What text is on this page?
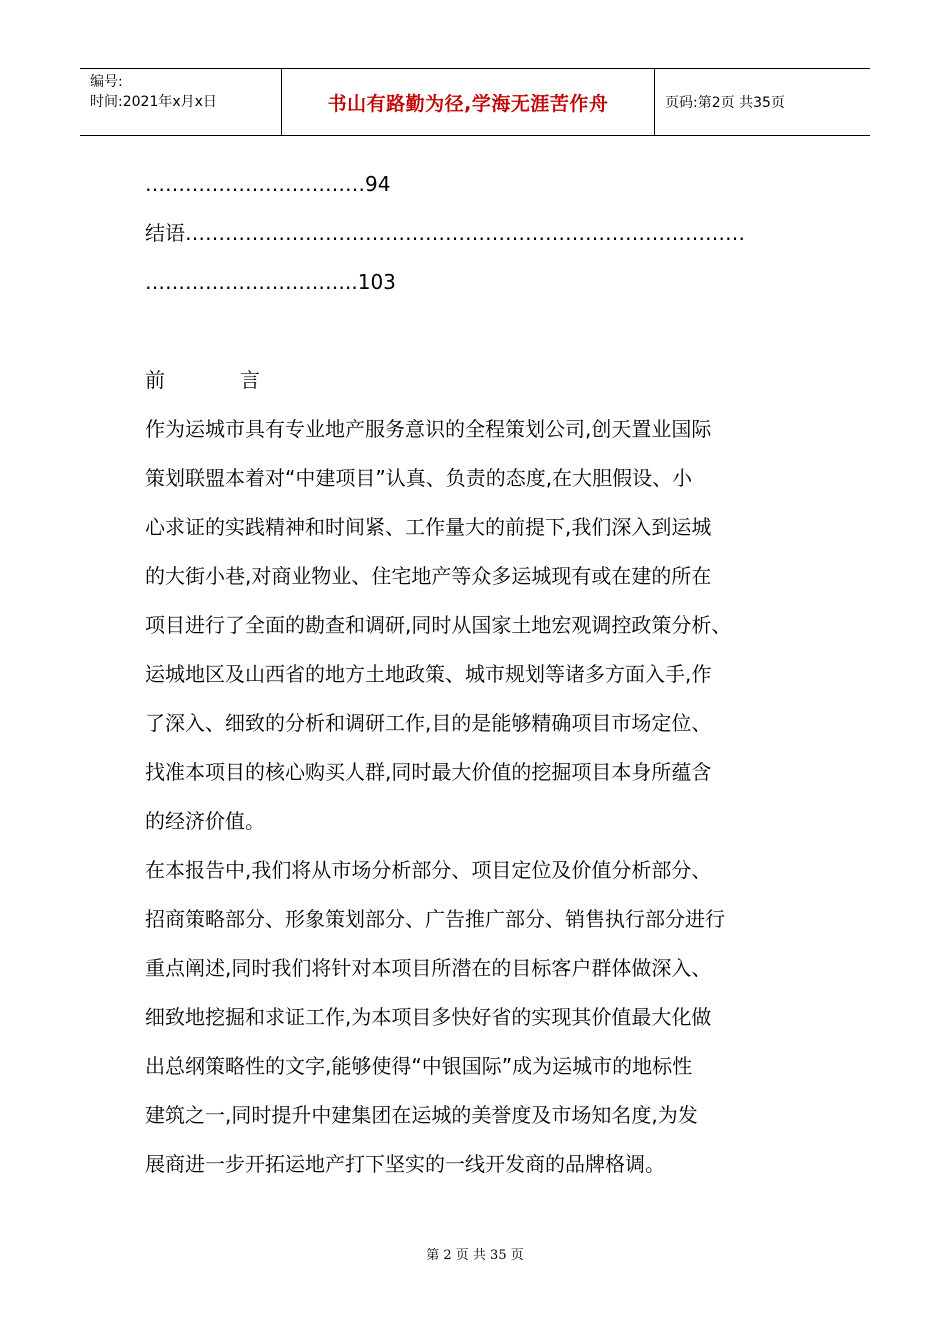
编号:
时间:2021年x月x日	书山有路勤为径,学海无涯苦作舟	页码:第2页 共35页
……………………………94
结语…………………………………………………………………………
…………………………..103
前	言
作为运城市具有专业地产服务意识的全程策划公司,创天置业国际
策划联盟本着对“中建项目”认真、负责的态度,在大胆假设、小
心求证的实践精神和时间紧、工作量大的前提下,我们深入到运城
的大街小巷,对商业物业、住宅地产等众多运城现有或在建的所在
项目进行了全面的勘查和调研,同时从国家土地宏观调控政策分析、
运城地区及山西省的地方土地政策、城市规划等诸多方面入手,作
了深入、细致的分析和调研工作,目的是能够精确项目市场定位、
找准本项目的核心购买人群,同时最大价值的挖掘项目本身所蕴含
的经济价值。
在本报告中,我们将从市场分析部分、项目定位及价值分析部分、
招商策略部分、形象策划部分、广告推广部分、销售执行部分进行
重点阐述,同时我们将针对本项目所潜在的目标客户群体做深入、
细致地挖掘和求证工作,为本项目多快好省的实现其价值最大化做
出总纲策略性的文字,能够使得“中银国际”成为运城市的地标性
建筑之一,同时提升中建集团在运城的美誉度及市场知名度,为发
展商进一步开拓运地产打下坚实的一线开发商的品牌格调。
第 2 页 共 35 页
